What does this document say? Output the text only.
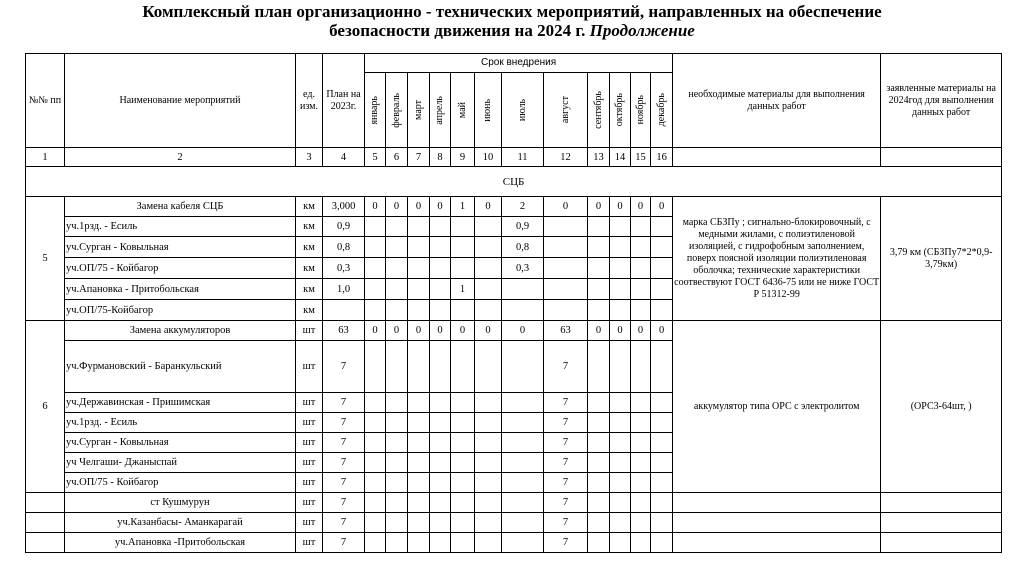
Комплексный план организационно - технических мероприятий, направленных на обеспечение
безопасности движения на 2024 г. Продолжение
№№ пп	Наименование мероприятий	ед. изм.	План на 2023г.	Срок внедрения												необходимые материалы для выполнения данных работ	заявленные материалы на 2024год для выполнения данных работ

				январь	февраль	март	апрель	май	июнь	июль	август	сентябрь	октябрь	ноябрь	декабрь		

1	2	3	4	5	6	7	8	9	10	11	12	13	14	15	16		
СЦБ																	
5	Замена кабеля СЦБ	км	3,000	0	0	0	0	1	0	2	0	0	0	0	0	марка СБЗПу ; сигнально-блокировочный, с медными жилами, с полиэтиленовой изоляцией, с гидрофобным заполнением, поверх поясной изоляции полиэтиленовая оболочка; технические характеристики соотвествуют ГОСТ 6436-75 или не ниже ГОСТ Р 51312-99	3,79 км (СБЗПу7*2*0,9-3,79км)
	уч.1рзд. - Есиль	км	0,9							0,9							
	уч.Сурган - Ковыльная	км	0,8							0,8							
	уч.ОП/75 - Койбагор	км	0,3							0,3							
	уч.Апановка - Притобольская	км	1,0					1									
	уч.ОП/75-Койбагор	км															
6	Замена аккумуляторов	шт	63	0	0	0	0	0	0	0	63	0	0	0	0	аккумулятор типа ОРС с электролитом	(ОРС3-64шт, )
	уч.Фурмановский - Баранкульский	шт	7								7						
	уч.Державинская - Пришимская	шт	7								7						
	уч.1рзд. - Есиль	шт	7								7						
	уч.Сурган - Ковыльная	шт	7								7						
	уч Челгаши- Джаныспай	шт	7								7						
	уч.ОП/75 - Койбагор	шт	7								7						
	ст Кушмурун	шт	7								7						
	уч.Казанбасы- Аманкарагай	шт	7								7						
	уч.Апановка -Притобольская	шт	7								7						
